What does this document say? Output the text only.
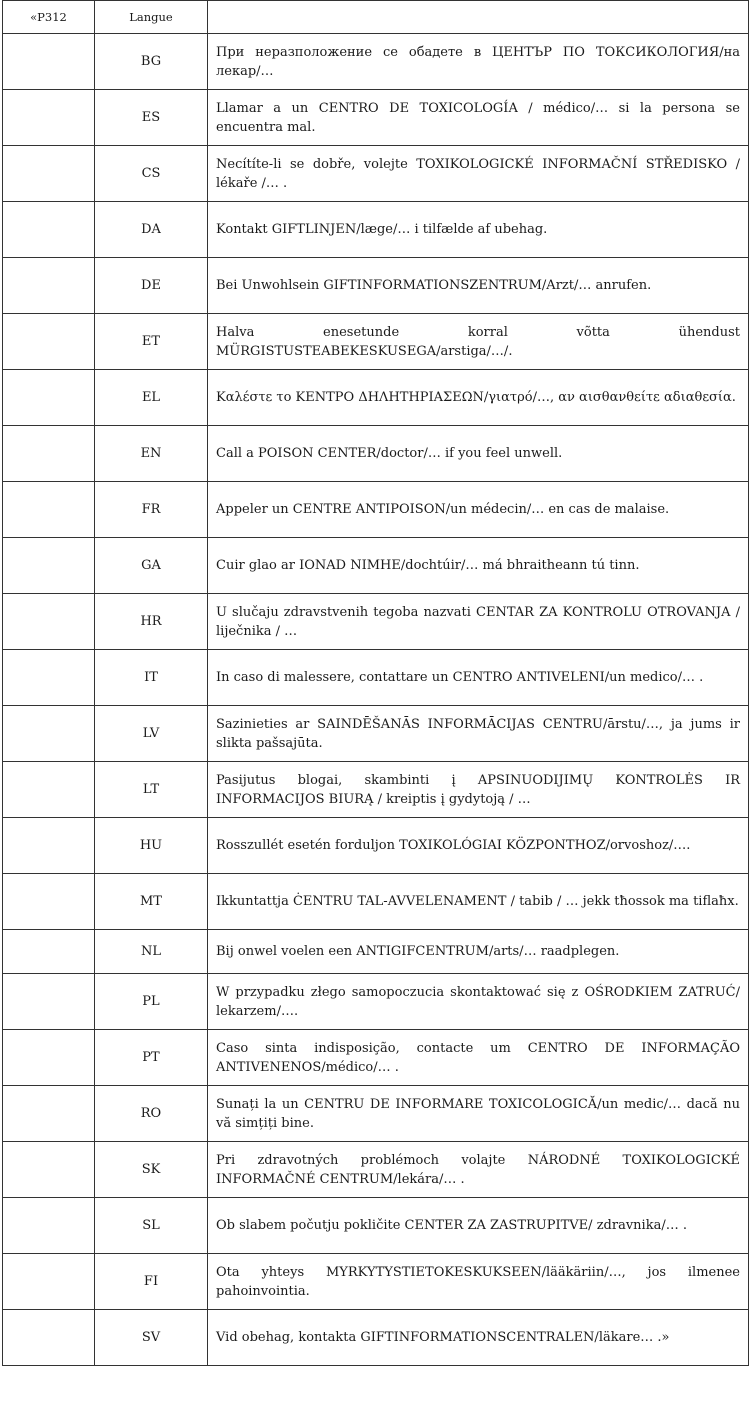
«P312	Langue	
	BG	При неразположение се обадете в ЦЕНТЪР ПО ТОКСИКОЛОГИЯ/на лекар/…
	ES	Llamar a un CENTRO DE TOXICOLOGÍA / médico/… si la persona se encuentra mal.
	CS	Necítíte-li se dobře, volejte TOXIKOLOGICKÉ INFORMAČNÍ STŘEDISKO / lékaře /… .
	DA	Kontakt GIFTLINJEN/læge/… i tilfælde af ubehag.
	DE	Bei Unwohlsein GIFTINFORMATIONSZENTRUM/Arzt/… anrufen.
	ET	Halva enesetunde korral võtta ühendust MÜRGISTUSTEABEKESKUSEGA/arstiga/…/.
	EL	Καλέστε το ΚΕΝΤΡΟ ΔΗΛΗΤΗΡΙΑΣΕΩΝ/γιατρό/…, αν αισθανθείτε αδιαθεσία.
	EN	Call a POISON CENTER/doctor/… if you feel unwell.
	FR	Appeler un CENTRE ANTIPOISON/un médecin/… en cas de malaise.
	GA	Cuir glao ar IONAD NIMHE/dochtúir/… má bhraitheann tú tinn.
	HR	U slučaju zdravstvenih tegoba nazvati CENTAR ZA KONTROLU OTROVANJA / liječnika / …
	IT	In caso di malessere, contattare un CENTRO ANTIVELENI/un medico/… .
	LV	Sazinieties ar SAINDĒŠANĀS INFORMĀCIJAS CENTRU/ārstu/…, ja jums ir slikta pašsajūta.
	LT	Pasijutus blogai, skambinti į APSINUODIJIMŲ KONTROLĖS IR INFORMACIJOS BIURĄ / kreiptis į gydytoją / …
	HU	Rosszullét esetén forduljon TOXIKOLÓGIAI KÖZPONTHOZ/orvoshoz/….
	MT	Ikkuntattja ĊENTRU TAL-AVVELENAMENT / tabib / … jekk tħossok ma tiflaħx.
	NL	Bij onwel voelen een ANTIGIFCENTRUM/arts/… raadplegen.
	PL	W przypadku złego samopoczucia skontaktować się z OŚRODKIEM ZATRUĆ/ lekarzem/….
	PT	Caso sinta indisposição, contacte um CENTRO DE INFORMAÇÃO ANTIVENENOS/médico/… .
	RO	Sunați la un CENTRU DE INFORMARE TOXICOLOGICĂ/un medic/… dacă nu vă simțiți bine.
	SK	Pri zdravotných problémoch volajte NÁRODNÉ TOXIKOLOGICKÉ INFORMAČNÉ CENTRUM/lekára/… .
	SL	Ob slabem počutju pokličite CENTER ZA ZASTRUPITVE/ zdravnika/… .
	FI	Ota yhteys MYRKYTYSTIETOKESKUKSEEN/lääkäriin/…, jos ilmenee pahoinvointia.
	SV	Vid obehag, kontakta GIFTINFORMATIONSCENTRALEN/läkare… .»
